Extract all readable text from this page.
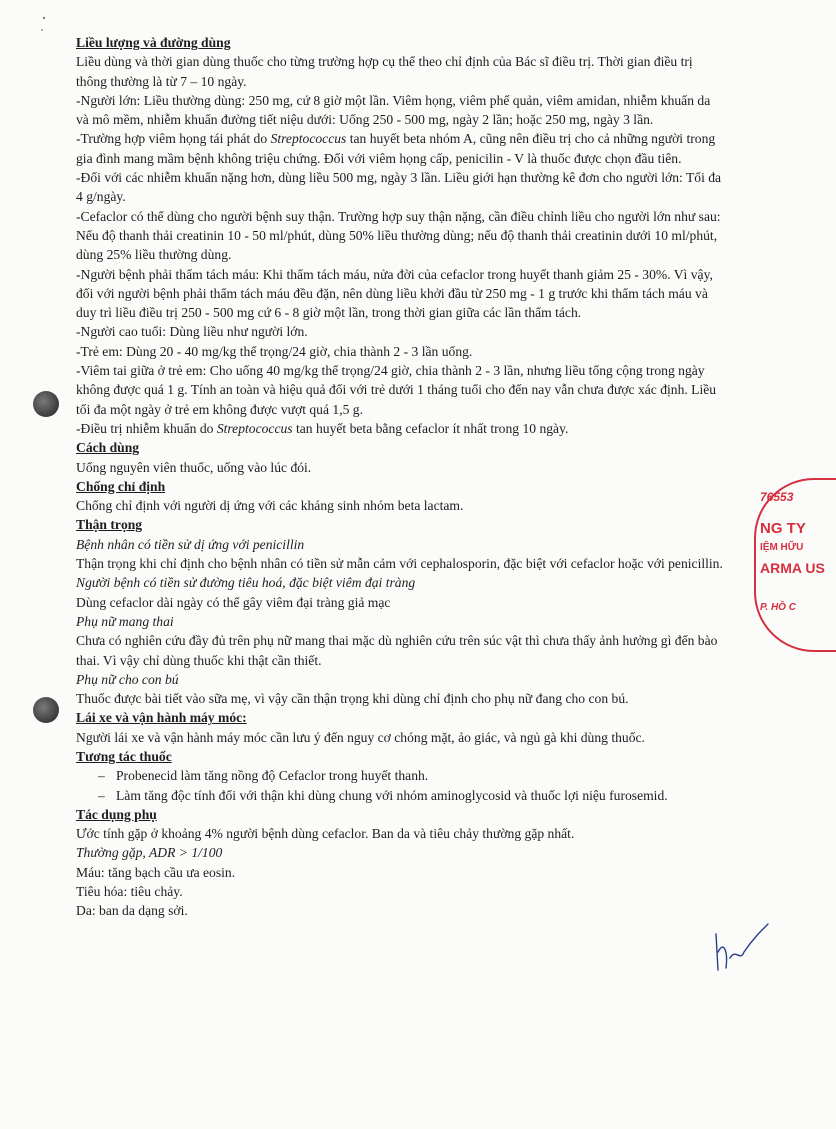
76553
NG TY
IỆM HỮU
ARMA US
P. HỒ C

Liều lượng và đường dùng

Liều dùng và thời gian dùng thuốc cho từng trường hợp cụ thể theo chỉ định của Bác sĩ điều trị. Thời gian điều trị thông thường là từ 7 – 10 ngày.

-Người lớn: Liều thường dùng: 250 mg, cứ 8 giờ một lần. Viêm họng, viêm phế quản, viêm amidan, nhiễm khuẩn da và mô mềm, nhiễm khuẩn đường tiết niệu dưới: Uống 250 - 500 mg, ngày 2 lần; hoặc 250 mg, ngày 3 lần.

-Trường hợp viêm họng tái phát do Streptococcus tan huyết beta nhóm A, cũng nên điều trị cho cả những người trong gia đình mang mầm bệnh không triệu chứng. Đối với viêm họng cấp, penicilin - V là thuốc được chọn đầu tiên.

-Đối với các nhiễm khuẩn nặng hơn, dùng liều 500 mg, ngày 3 lần. Liều giới hạn thường kê đơn cho người lớn: Tối đa 4 g/ngày.

-Cefaclor có thể dùng cho người bệnh suy thận. Trường hợp suy thận nặng, cần điều chỉnh liều cho người lớn như sau: Nếu độ thanh thải creatinin 10 - 50 ml/phút, dùng 50% liều thường dùng; nếu độ thanh thải creatinin dưới 10 ml/phút, dùng 25% liều thường dùng.

-Người bệnh phải thẩm tách máu: Khi thẩm tách máu, nửa đời của cefaclor trong huyết thanh giảm 25 - 30%. Vì vậy, đối với người bệnh phải thẩm tách máu đều đặn, nên dùng liều khởi đầu từ 250 mg - 1 g trước khi thẩm tách máu và duy trì liều điều trị 250 - 500 mg cứ 6 - 8 giờ một lần, trong thời gian giữa các lần thẩm tách.

-Người cao tuổi: Dùng liều như người lớn.

-Trẻ em: Dùng 20 - 40 mg/kg thể trọng/24 giờ, chia thành 2 - 3 lần uống.

-Viêm tai giữa ở trẻ em: Cho uống 40 mg/kg thể trọng/24 giờ, chia thành 2 - 3 lần, nhưng liều tổng cộng trong ngày không được quá 1 g. Tính an toàn và hiệu quả đối với trẻ dưới 1 tháng tuổi cho đến nay vẫn chưa được xác định. Liều tối đa một ngày ở trẻ em không được vượt quá 1,5 g.

-Điều trị nhiễm khuẩn do Streptococcus tan huyết beta bằng cefaclor ít nhất trong 10 ngày.

Cách dùng

Uống nguyên viên thuốc, uống vào lúc đói.

Chống chỉ định

Chống chỉ định với người dị ứng với các kháng sinh nhóm beta lactam.

Thận trọng

Bệnh nhân có tiền sử dị ứng với penicillin

Thận trọng khi chỉ định cho bệnh nhân có tiền sử mẫn cảm với cephalosporin, đặc biệt với cefaclor hoặc với penicillin.

Người bệnh có tiền sử đường tiêu hoá, đặc biệt viêm đại tràng

Dùng cefaclor dài ngày có thể gây viêm đại tràng giả mạc

Phụ nữ mang thai

Chưa có nghiên cứu đầy đủ trên phụ nữ mang thai mặc dù nghiên cứu trên súc vật thì chưa thấy ảnh hưởng gì đến bào thai. Vì vậy chỉ dùng thuốc khi thật cần thiết.

Phụ nữ cho con bú

Thuốc được bài tiết vào sữa mẹ, vì vậy cần thận trọng khi dùng chỉ định cho phụ nữ đang cho con bú.

Lái xe và vận hành máy móc:

Người lái xe và vận hành máy móc cần lưu ý đến nguy cơ chóng mặt, ảo giác, và ngủ gà khi dùng thuốc.

Tương tác thuốc

– Probenecid làm tăng nồng độ Cefaclor trong huyết thanh.

– Làm tăng độc tính đối với thận khi dùng chung với nhóm aminoglycosid và thuốc lợi niệu furosemid.

Tác dụng phụ

Ước tính gặp ở khoảng 4% người bệnh dùng cefaclor. Ban da và tiêu chảy thường gặp nhất.

Thường gặp, ADR > 1/100

Máu: tăng bạch cầu ưa eosin.

Tiêu hóa: tiêu chảy.

Da: ban da dạng sởi.
